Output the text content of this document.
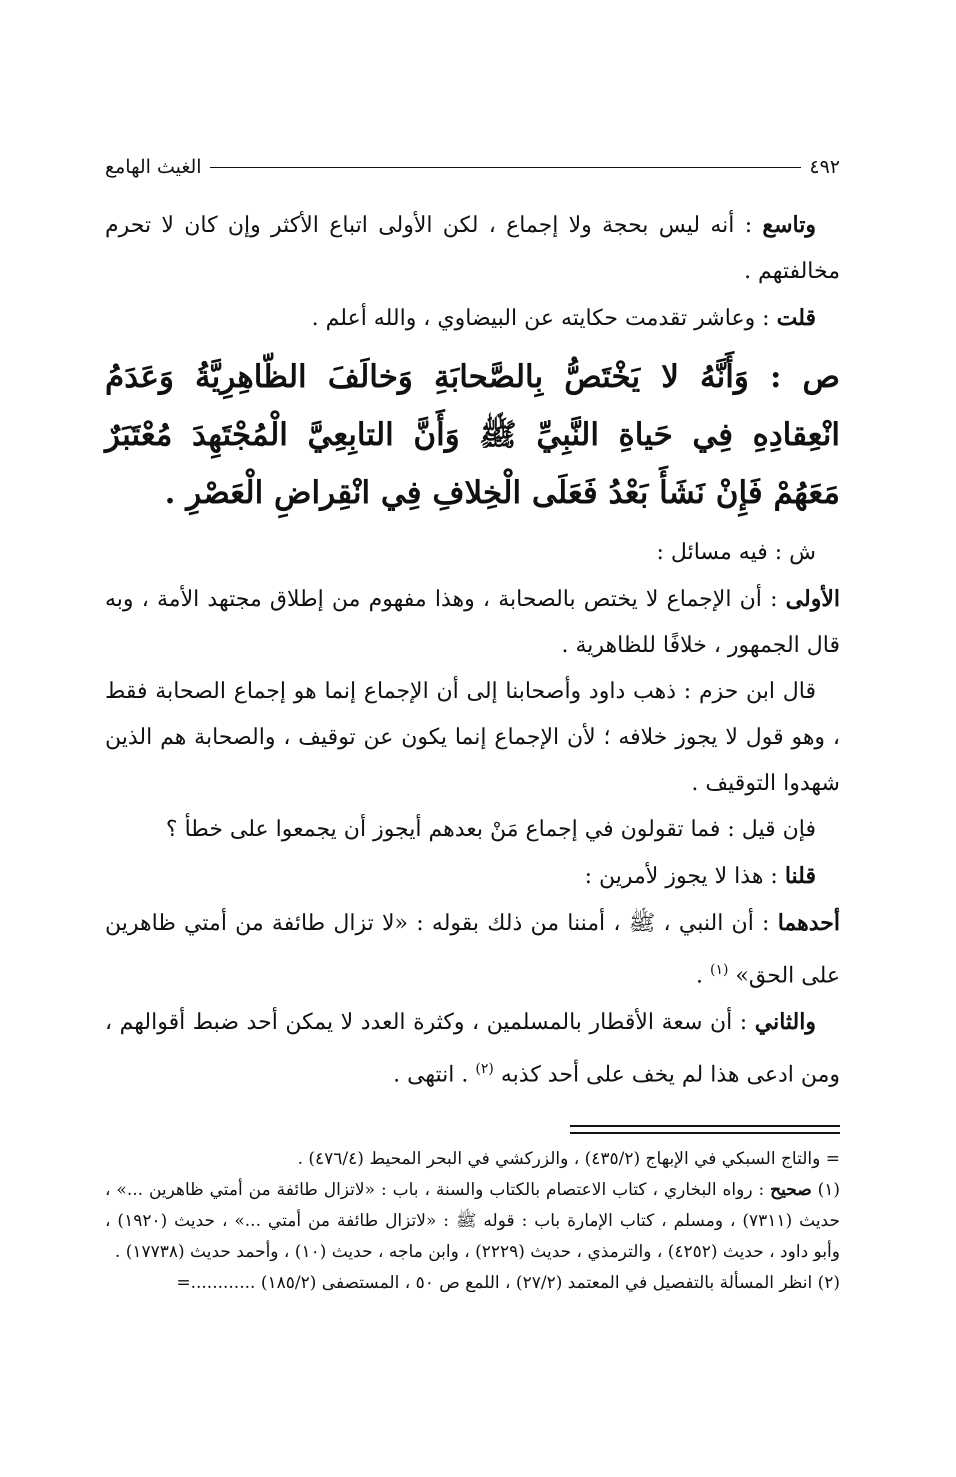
٤٩٢
الغيث الهامع

وتاسع : أنه ليس بحجة ولا إجماع ، لكن الأولى اتباع الأكثر وإن كان لا تحرم مخالفتهم .

قلت : وعاشر تقدمت حكايته عن البيضاوي ، والله أعلم .

ص : وَأَنَّهُ لا يَخْتَصُّ بِالصَّحابَةِ وَخالَفَ الظّاهِرِيَّةُ وَعَدَمُ انْعِقادِهِ فِي حَياةِ النَّبِيِّ ﷺ وَأَنَّ التابِعِيَّ الْمُجْتَهِدَ مُعْتَبَرٌ مَعَهُمْ فَإِنْ نَشَأَ بَعْدُ فَعَلَى الْخِلافِ فِي انْقِراضِ الْعَصْرِ .

ش : فيه مسائل :

الأولى : أن الإجماع لا يختص بالصحابة ، وهذا مفهوم من إطلاق مجتهد الأمة ، وبه قال الجمهور ، خلافًا للظاهرية .

قال ابن حزم : ذهب داود وأصحابنا إلى أن الإجماع إنما هو إجماع الصحابة فقط ، وهو قول لا يجوز خلافه ؛ لأن الإجماع إنما يكون عن توقيف ، والصحابة هم الذين شهدوا التوقيف .

فإن قيل : فما تقولون في إجماع مَنْ بعدهم أيجوز أن يجمعوا على خطأ ؟

قلنا : هذا لا يجوز لأمرين :

أحدهما : أن النبي ، ﷺ ، أمننا من ذلك بقوله : «لا تزال طائفة من أمتي ظاهرين على الحق» $^{(١)}$ .

والثاني : أن سعة الأقطار بالمسلمين ، وكثرة العدد لا يمكن أحد ضبط أقوالهم ، ومن ادعى هذا لم يخف على أحد كذبه $^{(٢)}$ . انتهى .

= والتاج السبكي في الإبهاج (٤٣٥/٢) ، والزركشي في البحر المحيط (٤٧٦/٤) .

(١) صحيح : رواه البخاري ، كتاب الاعتصام بالكتاب والسنة ، باب : «لاتزال طائفة من أمتي ظاهرين ...» ، حديث (٧٣١١) ، ومسلم ، كتاب الإمارة باب : قوله ﷺ : «لاتزال طائفة من أمتي ...» ، حديث (١٩٢٠) ، وأبو داود ، حديث (٤٢٥٢) ، والترمذي ، حديث (٢٢٢٩) ، وابن ماجه ، حديث (١٠) ، وأحمد حديث (١٧٧٣٨) .

(٢) انظر المسألة بالتفصيل في المعتمد (٢٧/٢) ، اللمع ص ٥٠ ، المستصفى (١٨٥/٢) ............=
